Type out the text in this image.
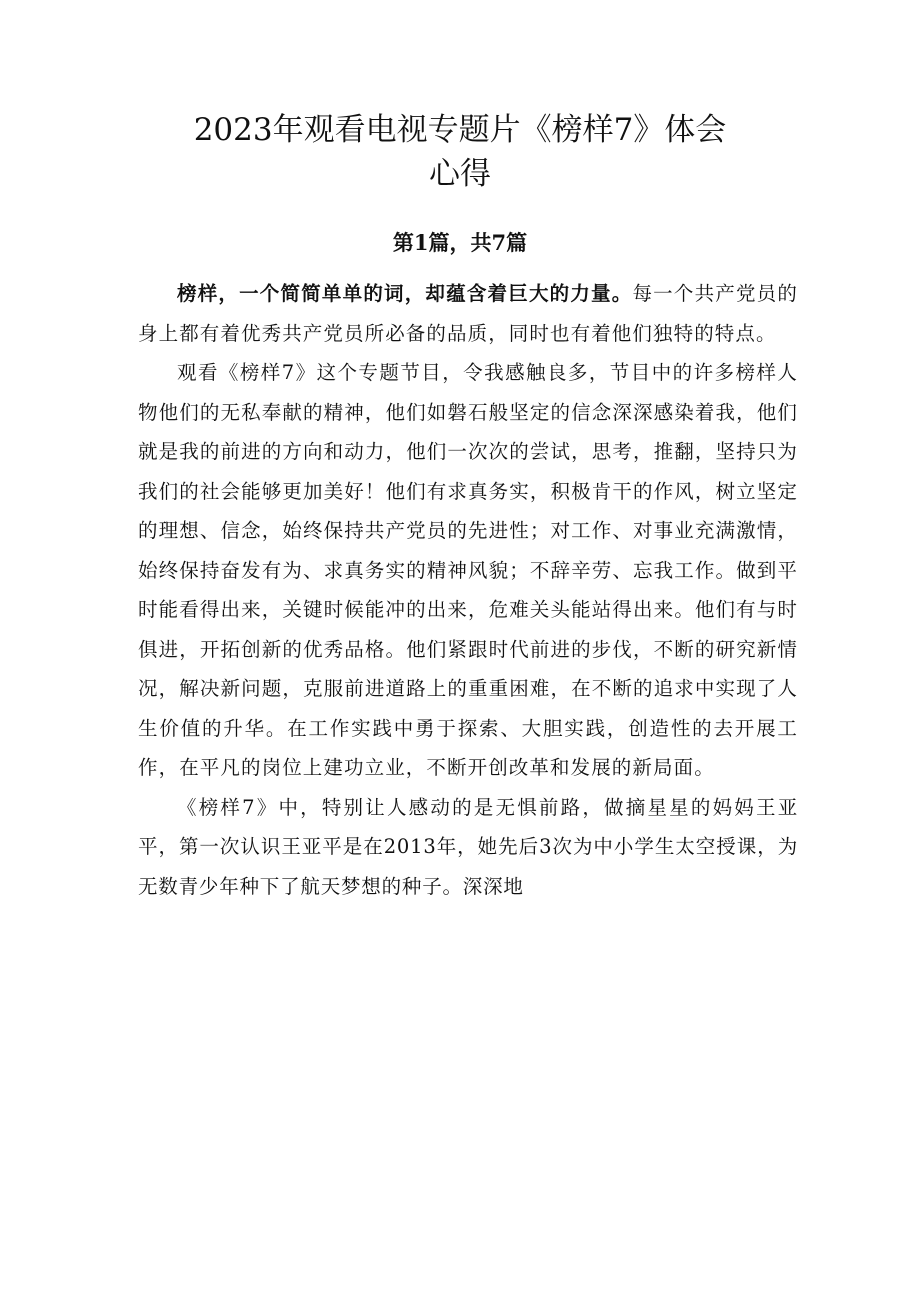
2023年观看电视专题片《榜样7》体会
心得
第1篇，共7篇

榜样，一个简简单单的词，却蕴含着巨大的力量。每一个共产党员的身上都有着优秀共产党员所必备的品质，同时也有着他们独特的特点。

观看《榜样7》这个专题节目，令我感触良多，节目中的许多榜样人物他们的无私奉献的精神，他们如磐石般坚定的信念深深感染着我，他们就是我的前进的方向和动力，他们一次次的尝试，思考，推翻，坚持只为我们的社会能够更加美好！他们有求真务实，积极肯干的作风，树立坚定的理想、信念，始终保持共产党员的先进性；对工作、对事业充满激情，始终保持奋发有为、求真务实的精神风貌；不辞辛劳、忘我工作。做到平时能看得出来，关键时候能冲的出来，危难关头能站得出来。他们有与时俱进，开拓创新的优秀品格。他们紧跟时代前进的步伐，不断的研究新情况，解决新问题，克服前进道路上的重重困难，在不断的追求中实现了人生价值的升华。在工作实践中勇于探索、大胆实践，创造性的去开展工作，在平凡的岗位上建功立业，不断开创改革和发展的新局面。

《榜样7》中，特别让人感动的是无惧前路，做摘星星的妈妈王亚平，第一次认识王亚平是在2013年，她先后3次为中小学生太空授课，为无数青少年种下了航天梦想的种子。深深地
